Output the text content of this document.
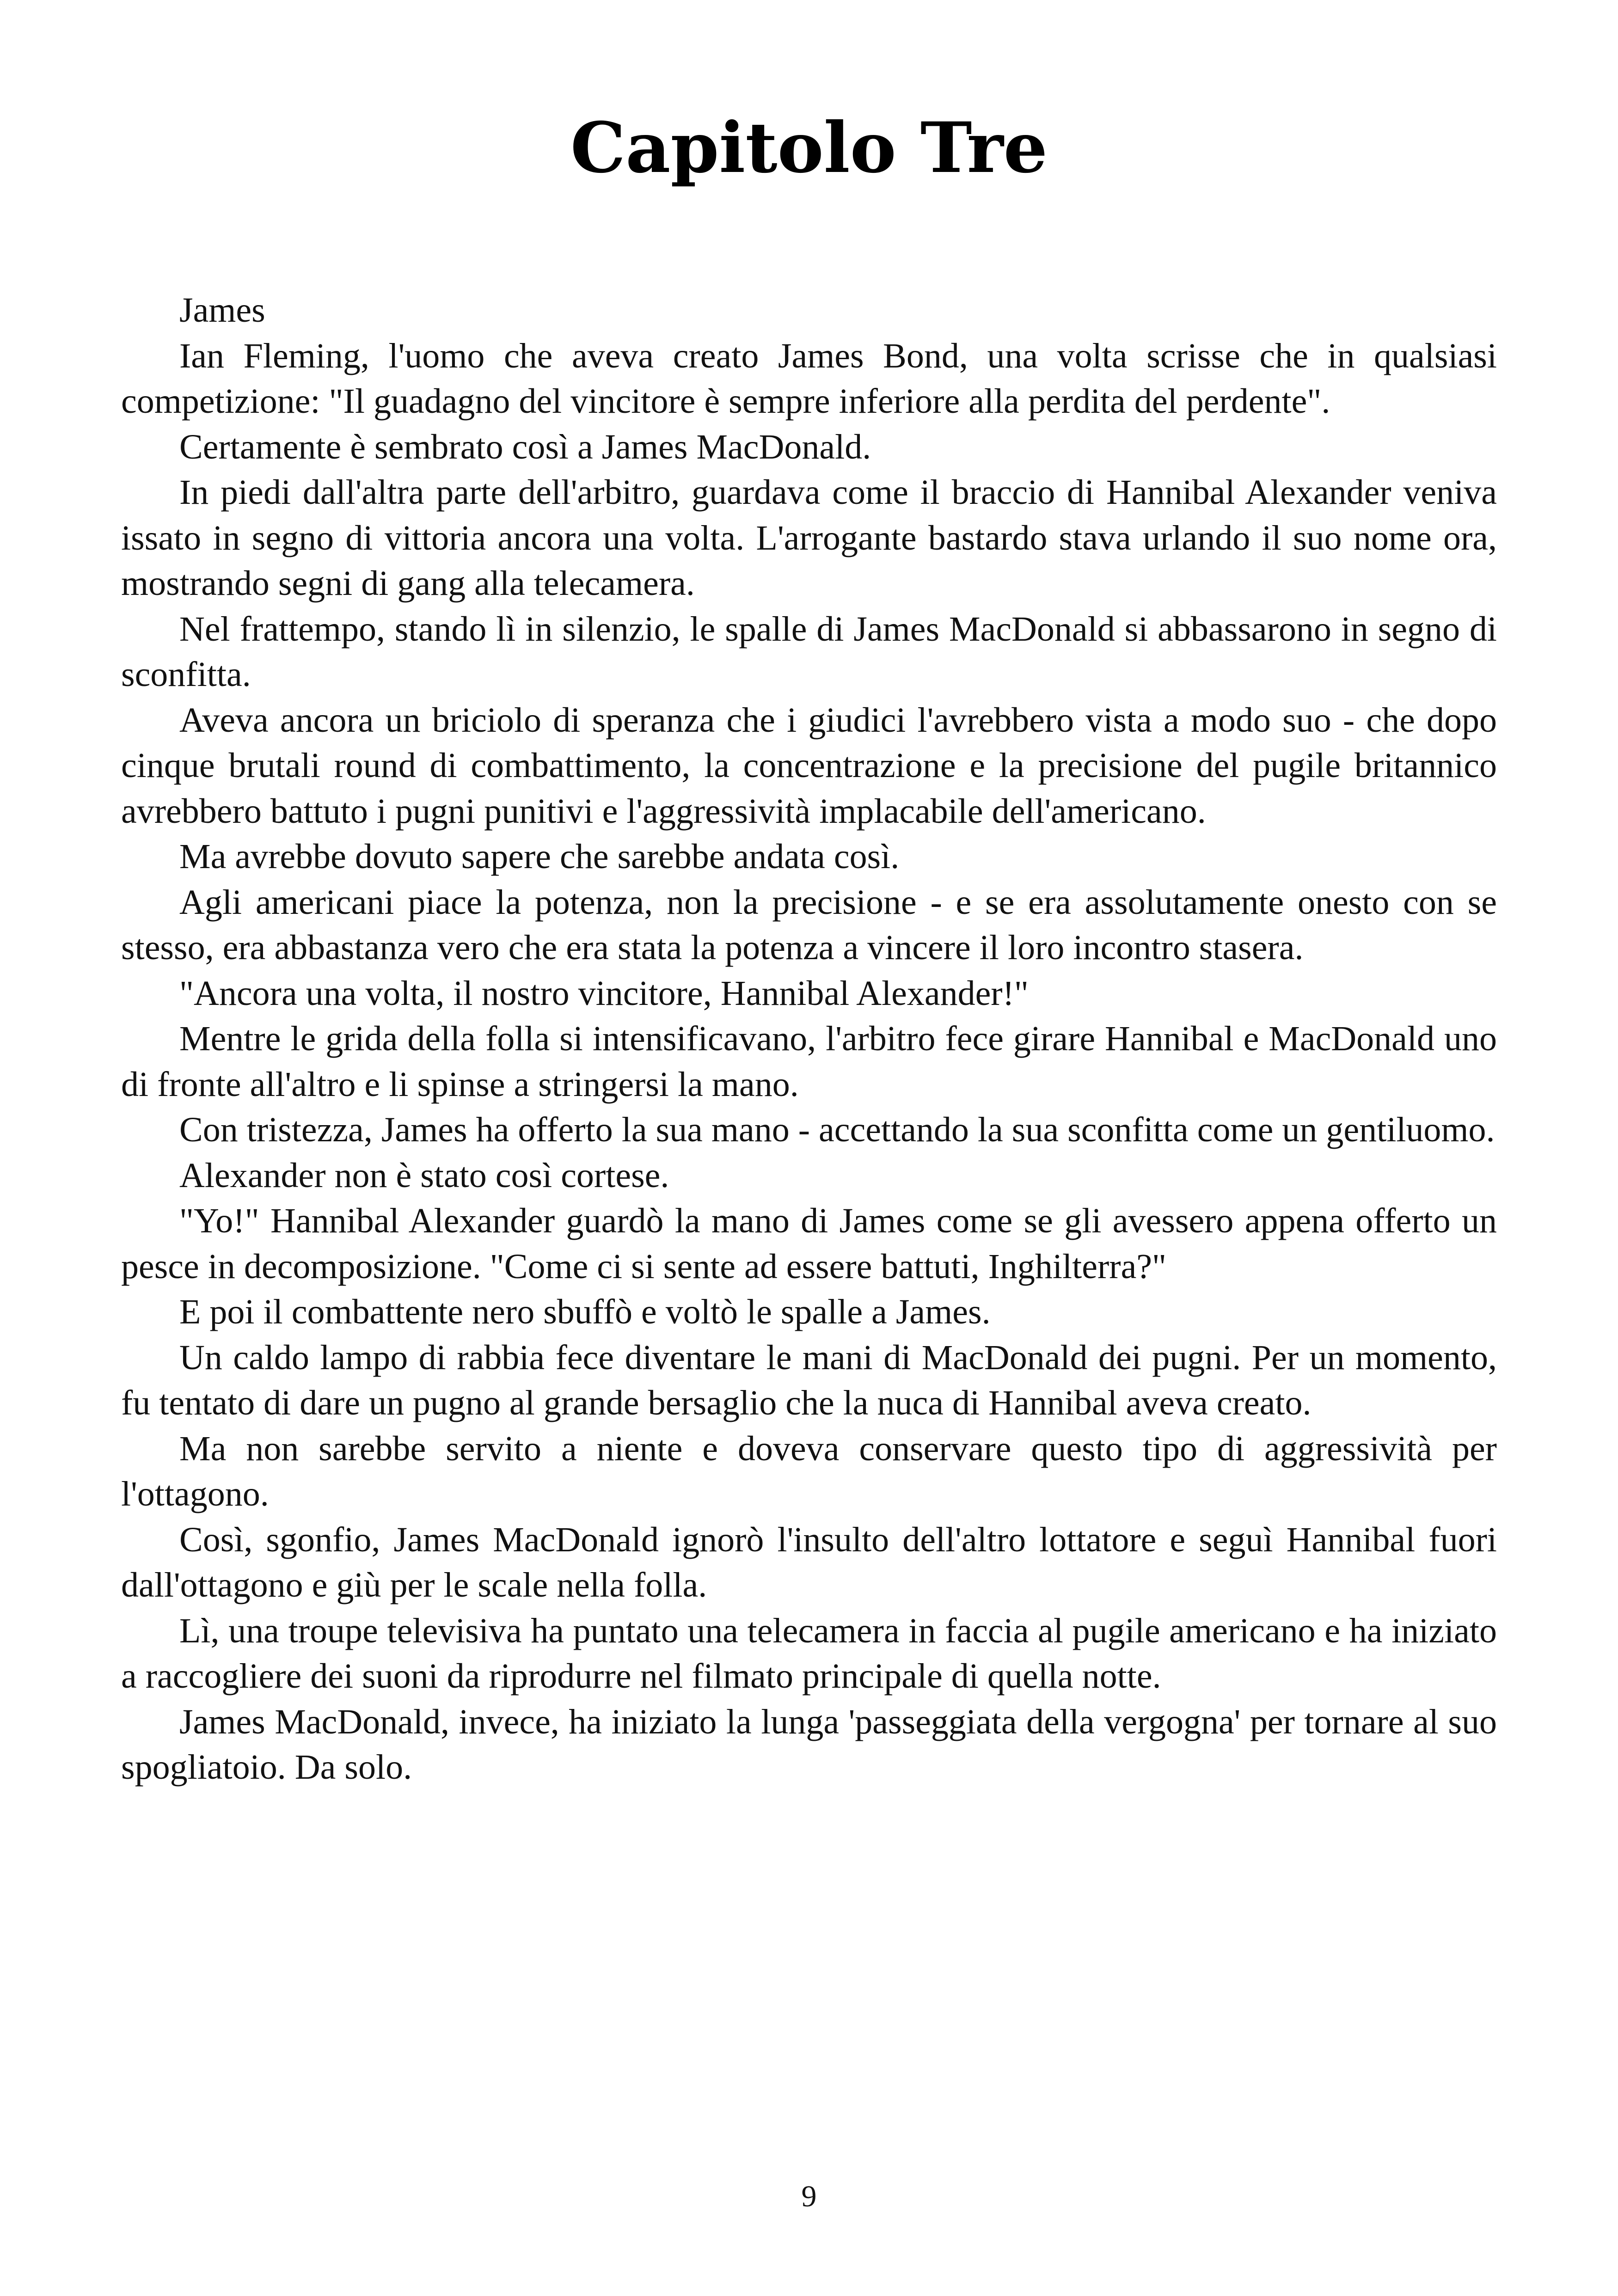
Capitolo Tre

James

Ian Fleming, l'uomo che aveva creato James Bond, una volta scrisse che in qualsiasi competizione: "Il guadagno del vincitore è sempre inferiore alla perdita del perdente".

Certamente è sembrato così a James MacDonald.

In piedi dall'altra parte dell'arbitro, guardava come il braccio di Hannibal Alexander veniva issato in segno di vittoria ancora una volta. L'arrogante bastardo stava urlando il suo nome ora, mostrando segni di gang alla telecamera.

Nel frattempo, stando lì in silenzio, le spalle di James MacDonald si abbassarono in segno di sconfitta.

Aveva ancora un briciolo di speranza che i giudici l'avrebbero vista a modo suo - che dopo cinque brutali round di combattimento, la concentrazione e la precisione del pugile britannico avrebbero battuto i pugni punitivi e l'aggressività implacabile dell'americano.

Ma avrebbe dovuto sapere che sarebbe andata così.

Agli americani piace la potenza, non la precisione - e se era assolutamente onesto con se stesso, era abbastanza vero che era stata la potenza a vincere il loro incontro stasera.

"Ancora una volta, il nostro vincitore, Hannibal Alexander!"

Mentre le grida della folla si intensificavano, l'arbitro fece girare Hannibal e MacDonald uno di fronte all'altro e li spinse a stringersi la mano.

Con tristezza, James ha offerto la sua mano - accettando la sua sconfitta come un gentiluomo.

Alexander non è stato così cortese.

"Yo!" Hannibal Alexander guardò la mano di James come se gli avessero appena offerto un pesce in decomposizione. "Come ci si sente ad essere battuti, Inghilterra?"

E poi il combattente nero sbuffò e voltò le spalle a James.

Un caldo lampo di rabbia fece diventare le mani di MacDonald dei pugni. Per un momento, fu tentato di dare un pugno al grande bersaglio che la nuca di Hannibal aveva creato.

Ma non sarebbe servito a niente e doveva conservare questo tipo di aggressività per l'ottagono.

Così, sgonfio, James MacDonald ignorò l'insulto dell'altro lottatore e seguì Hannibal fuori dall'ottagono e giù per le scale nella folla.

Lì, una troupe televisiva ha puntato una telecamera in faccia al pugile americano e ha iniziato a raccogliere dei suoni da riprodurre nel filmato principale di quella notte.

James MacDonald, invece, ha iniziato la lunga 'passeggiata della vergogna' per tornare al suo spogliatoio. Da solo.

9
